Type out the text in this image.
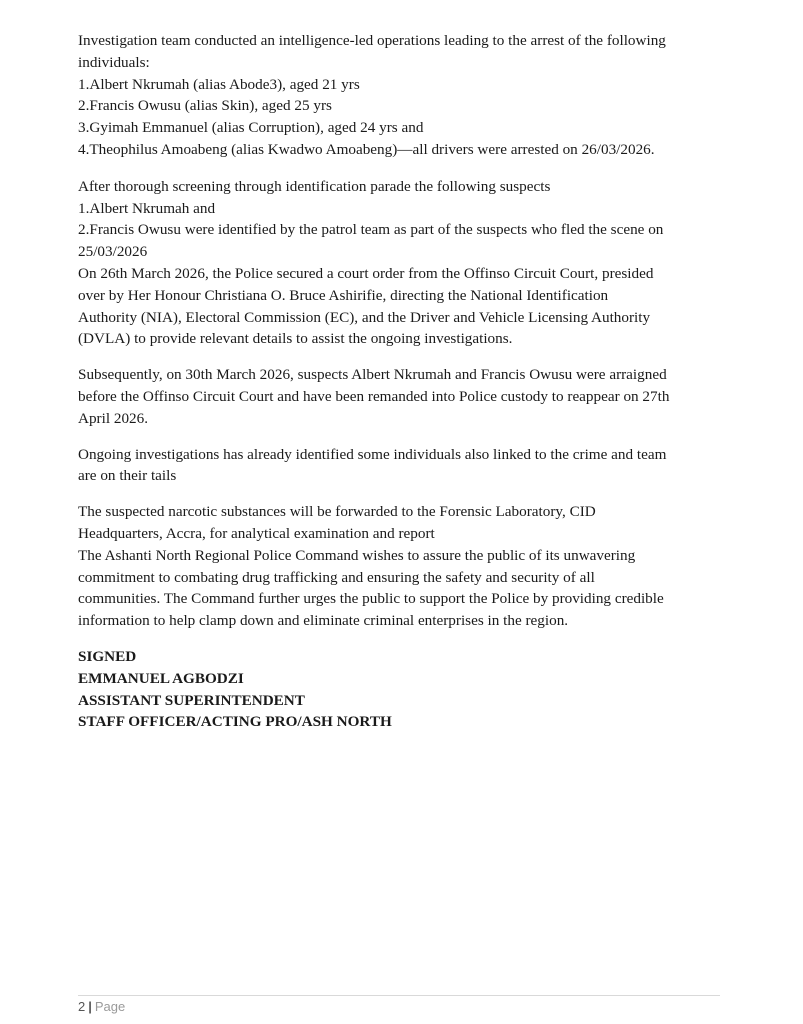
Investigation team conducted an intelligence-led operations leading to the arrest of the following
individuals:
1.Albert Nkrumah (alias Abode3), aged 21 yrs
2.Francis Owusu (alias Skin), aged 25 yrs
3.Gyimah Emmanuel (alias Corruption), aged 24 yrs and
4.Theophilus Amoabeng (alias Kwadwo Amoabeng)—all drivers were arrested on 26/03/2026.

After thorough screening through identification parade the following suspects
1.Albert Nkrumah and
2.Francis Owusu were identified by the patrol team as part of the suspects who fled the scene on
25/03/2026
On 26th March 2026, the Police secured a court order from the Offinso Circuit Court, presided
over by Her Honour Christiana O. Bruce Ashirifie, directing the National Identification
Authority (NIA), Electoral Commission (EC), and the Driver and Vehicle Licensing Authority
(DVLA) to provide relevant details to assist the ongoing investigations.

Subsequently, on 30th March 2026, suspects Albert Nkrumah and Francis Owusu were arraigned
before the Offinso Circuit Court and have been remanded into Police custody to reappear on 27th
April 2026.

Ongoing investigations has already identified some individuals also linked to the crime and team
are on their tails

The suspected narcotic substances will be forwarded to the Forensic Laboratory, CID
Headquarters, Accra, for analytical examination and report
The Ashanti North Regional Police Command wishes to assure the public of its unwavering
commitment to combating drug trafficking and ensuring the safety and security of all
communities. The Command further urges the public to support the Police by providing credible
information to help clamp down and eliminate criminal enterprises in the region.

SIGNED
EMMANUEL AGBODZI
ASSISTANT SUPERINTENDENT
STAFF OFFICER/ACTING PRO/ASH NORTH
2 | Page
